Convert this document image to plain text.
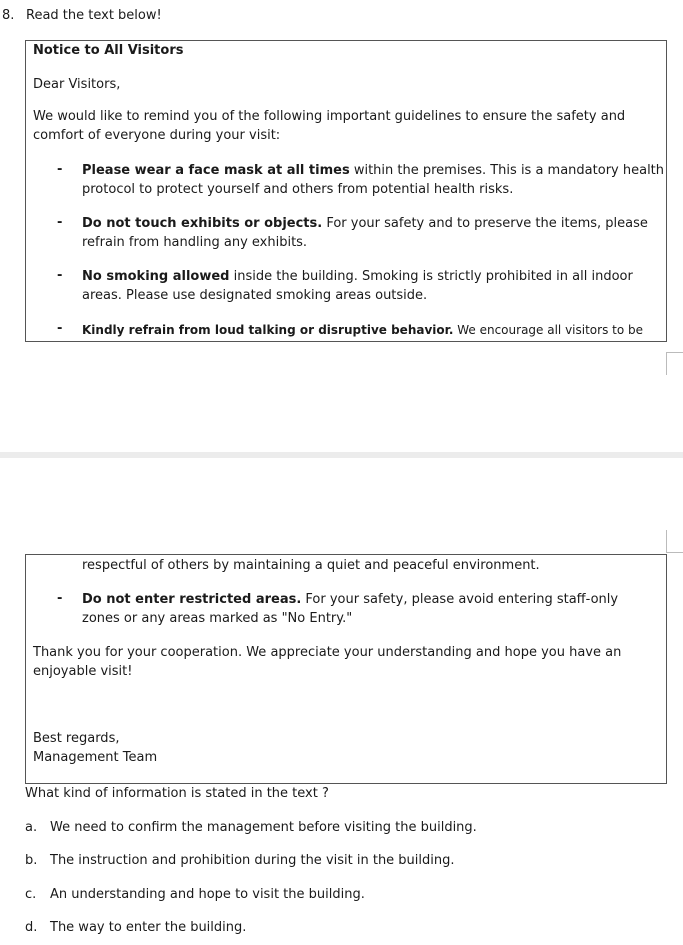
8. Read the text below!
Notice to All Visitors
Dear Visitors,
We would like to remind you of the following important guidelines to ensure the safety and
comfort of everyone during your visit:
- Please wear a face mask at all times within the premises. This is a mandatory health
protocol to protect yourself and others from potential health risks.
- Do not touch exhibits or objects. For your safety and to preserve the items, please
refrain from handling any exhibits.
- No smoking allowed inside the building. Smoking is strictly prohibited in all indoor
areas. Please use designated smoking areas outside.
- Kindly refrain from loud talking or disruptive behavior. We encourage all visitors to be
respectful of others by maintaining a quiet and peaceful environment.
- Do not enter restricted areas. For your safety, please avoid entering staff-only
zones or any areas marked as "No Entry."
Thank you for your cooperation. We appreciate your understanding and hope you have an
enjoyable visit!
Best regards,
Management Team
What kind of information is stated in the text ?
a. We need to confirm the management before visiting the building.
b. The instruction and prohibition during the visit in the building.
c. An understanding and hope to visit the building.
d. The way to enter the building.
